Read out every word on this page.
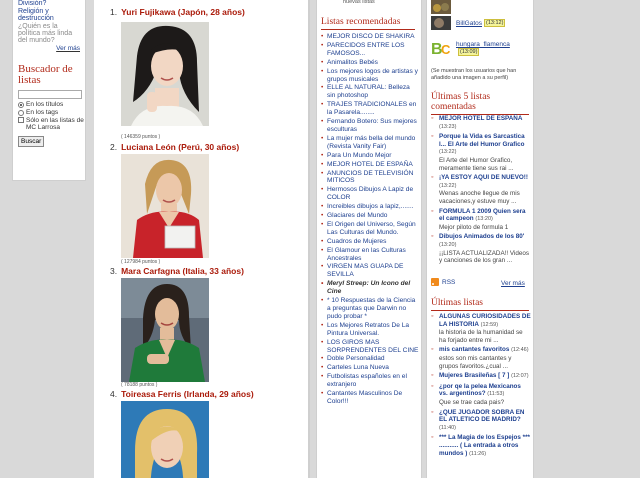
División?
Religión y destrucción
¿Quién es la política más linda del mundo?
Ver más
Buscador de listas
En los títulos
En los tags
Sólo en las listas de MC Larrosa
Buscar
1. Yuri Fujikawa (Japón, 28 años)
( 146359 puntos )
2. Luciana León (Perú, 30 años)
( 127984 puntos )
3. Mara Carfagna (Italia, 33 años)
( 78188 puntos )
4. Toireasa Ferris (Irlanda, 29 años)
nuevas listas
Listas recomendadas
• MEJOR DISCO DE SHAKIRA
• PARECIDOS ENTRE LOS FAMOSOS...
• Animalitos Bebés
• Los mejores logos de artistas y grupos musicales
• ELLE AL NATURAL: Belleza sin photoshop
• TRAJES TRADICIONALES en la Pasarela........
• Fernando Botero: Sus mejores esculturas
• La mujer más bella del mundo (Revista Vanity Fair)
• Para Un Mundo Mejor
• MEJOR HOTEL DE ESPAÑA
• ANUNCIOS DE TELEVISIÓN MITICOS
• Hermosos Dibujos A Lapiz de COLOR
• Increibles dibujos a lapiz,.......
• Glaciares del Mundo
• El Origen del Universo, Según Las Culturas del Mundo.
• Cuadros de Mujeres
• El Glamour en las Culturas Ancestrales
• VIRGEN MAS GUAPA DE SEVILLA
• Meryl Streep: Un Icono del Cine
• * 10 Respuestas de la Ciencia a preguntas que Darwin no pudo probar *
• Los Mejores Retratos De La Pintura Universal.
• LOS GIROS MAS SORPRENDENTES DEL CINE
• Doble Personalidad
• Carteles Luna Nueva
• Futbolistas españoles en el extranjero
• Cantantes Masculinos De Color!!!
BillGatos (13:12)
B
C hungara_flamenca
(13:09)
(Se muestran los usuarios que han añadido una imagen a su perfil)
Últimas 5 listas comentadas
◦ MEJOR HOTEL DE ESPAÑA (13:23)
◦ Porque la Vida es Sarcastica l... El Arte del Humor Grafico (13:22)
El Arte del Humor Grafico, meramente tiene sus rai ...
◦ ¡YA ESTOY AQUI DE NUEVO!! (13:22)
Wenas anoche llegue de mis vacaciones,y estuve muy ...
◦ FORMULA 1 2009 Quien sera el campeon (13:20)
Mejor piloto de formula 1
◦ Dibujos Animados de los 80' (13:20)
¡¡LISTA ACTUALIZADA!! Videos y canciones de los gran ...
RSS	Ver más
Últimas listas
◦ ALGUNAS CURIOSIDADES DE LA HISTORIA (12:59)
la historia de la humanidad se ha forjado entre mi ...
◦ mis cantantes favoritos (12:46)
estos son mis cantantes y grupos favoritos.¿cual ...
◦ Mujeres Brasileñas [ 7 ] (12:07)
◦ ¿por qe la pelea Mexicanos vs. argentinos? (11:53)
Que se trae cada pais?
◦ ¿QUE JUGADOR SOBRA EN EL ATLETICO DE MADRID? (11:40)
◦ *** La Magia de los Espejos *** ........... ( La entrada a otros mundos ) (11:26)
